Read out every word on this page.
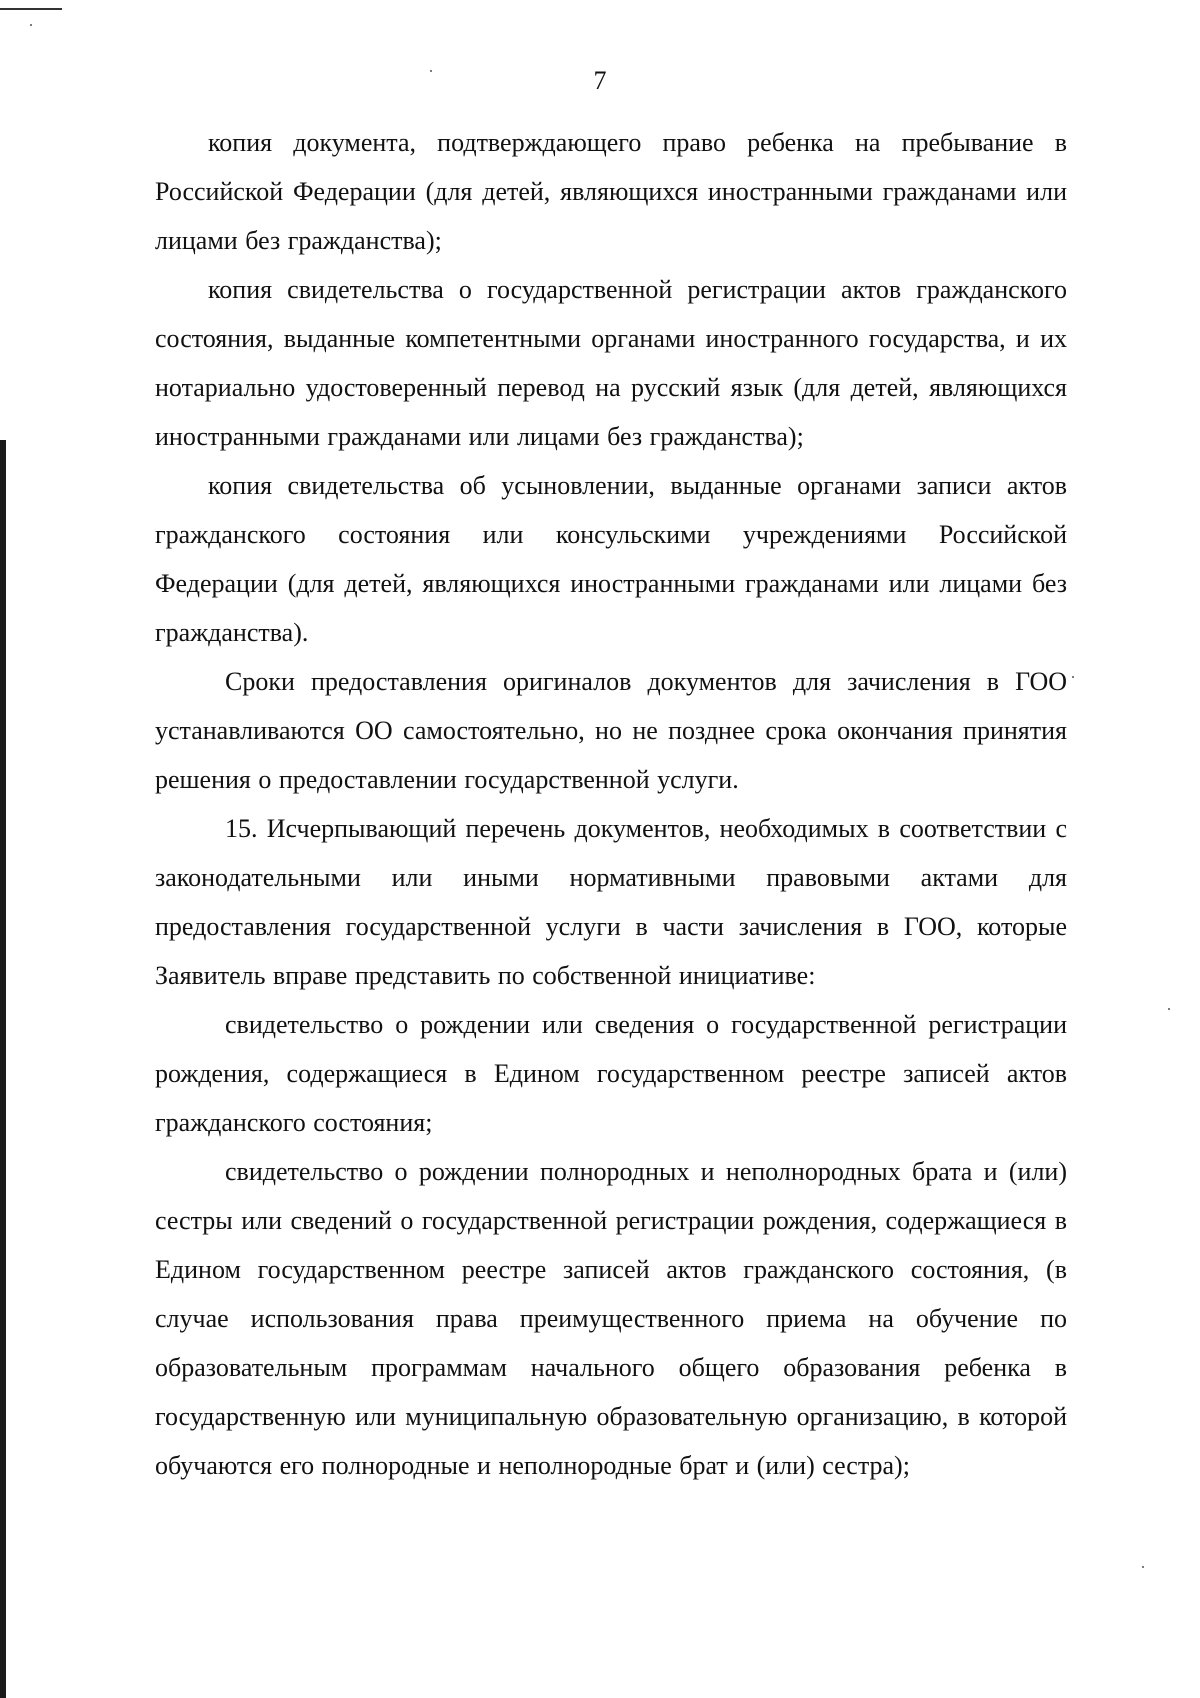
7

копия документа, подтверждающего право ребенка на пребывание в Российской Федерации (для детей, являющихся иностранными гражданами или лицами без гражданства);

копия свидетельства о государственной регистрации актов гражданского состояния, выданные компетентными органами иностранного государства, и их нотариально удостоверенный перевод на русский язык (для детей, являющихся иностранными гражданами или лицами без гражданства);

копия свидетельства об усыновлении, выданные органами записи актов гражданского состояния или консульскими учреждениями Российской Федерации (для детей, являющихся иностранными гражданами или лицами без гражданства).

Сроки предоставления оригиналов документов для зачисления в ГОО устанавливаются ОО самостоятельно, но не позднее срока окончания принятия решения о предоставлении государственной услуги.

15. Исчерпывающий перечень документов, необходимых в соответствии с законодательными или иными нормативными правовыми актами для предоставления государственной услуги в части зачисления в ГОО, которые Заявитель вправе представить по собственной инициативе:

свидетельство о рождении или сведения о государственной регистрации рождения, содержащиеся в Едином государственном реестре записей актов гражданского состояния;

свидетельство о рождении полнородных и неполнородных брата и (или) сестры или сведений о государственной регистрации рождения, содержащиеся в Едином государственном реестре записей актов гражданского состояния, (в случае использования права преимущественного приема на обучение по образовательным программам начального общего образования ребенка в государственную или муниципальную образовательную организацию, в которой обучаются его полнородные и неполнородные брат и (или) сестра);
